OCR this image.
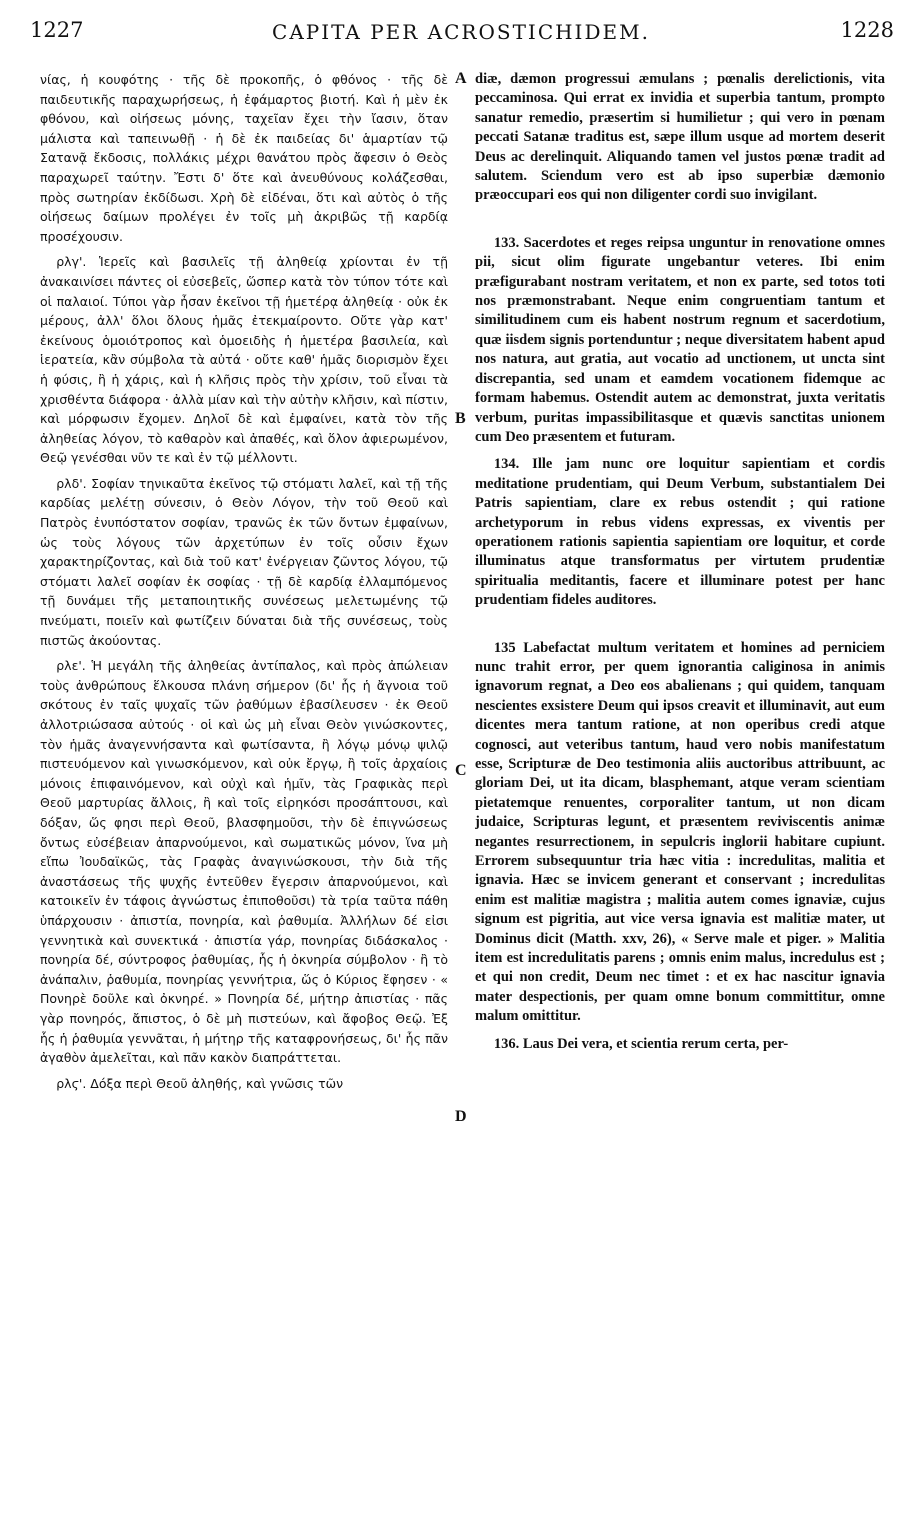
1227	CAPITA PER ACROSTICHIDEM.	1228

νίας, ἡ κουφότης · τῆς δὲ προκοπῆς, ὁ φθόνος · τῆς δὲ παιδευτικῆς παραχωρήσεως, ἡ ἐφάμαρτος βιοτή. Καὶ ἡ μὲν ἐκ φθόνου, καὶ οἰήσεως μόνης, ταχεῖαν ἔχει τὴν ἴασιν, ὅταν μάλιστα καὶ ταπεινωθῇ · ἡ δὲ ἐκ παιδείας δι' ἁμαρτίαν τῷ Σατανᾷ ἔκδοσις, πολλάκις μέχρι θανάτου πρὸς ἄφεσιν ὁ Θεὸς παραχωρεῖ ταύτην. Ἔστι δ' ὅτε καὶ ἀνευθύνους κολάζεσθαι, πρὸς σωτηρίαν ἐκδίδωσι. Χρὴ δὲ εἰδέναι, ὅτι καὶ αὐτὸς ὁ τῆς οἰήσεως δαίμων προλέγει ἐν τοῖς μὴ ἀκριβῶς τῇ καρδίᾳ προσέχουσιν.

ρλγ'. Ἱερεῖς καὶ βασιλεῖς τῇ ἀληθείᾳ χρίονται ἐν τῇ ἀνακαινίσει πάντες οἱ εὐσεβεῖς, ὥσπερ κατὰ τὸν τύπον τότε καὶ οἱ παλαιοί. Τύποι γὰρ ἦσαν ἐκεῖνοι τῇ ἡμετέρᾳ ἀληθείᾳ · οὐκ ἐκ μέρους, ἀλλ' ὅλοι ὅλους ἡμᾶς ἐτεκμαίροντο. Οὔτε γὰρ κατ' ἐκείνους ὁμοιότροπος καὶ ὁμοειδὴς ἡ ἡμετέρα βασιλεία, καὶ ἱερατεία, κἂν σύμβολα τὰ αὐτά · οὔτε καθ' ἡμᾶς διορισμὸν ἔχει ἡ φύσις, ἢ ἡ χάρις, καὶ ἡ κλῆσις πρὸς τὴν χρίσιν, τοῦ εἶναι τὰ χρισθέντα διάφορα · ἀλλὰ μίαν καὶ τὴν αὐτὴν κλῆσιν, καὶ πίστιν, καὶ μόρφωσιν ἔχομεν. Δηλοῖ δὲ καὶ ἐμφαίνει, κατὰ τὸν τῆς ἀληθείας λόγον, τὸ καθαρὸν καὶ ἀπαθές, καὶ ὅλον ἀφιερωμένον, Θεῷ γενέσθαι νῦν τε καὶ ἐν τῷ μέλλοντι.

ρλδ'. Σοφίαν τηνικαῦτα ἐκεῖνος τῷ στόματι λαλεῖ, καὶ τῇ τῆς καρδίας μελέτῃ σύνεσιν, ὁ Θεὸν Λόγον, τὴν τοῦ Θεοῦ καὶ Πατρὸς ἐνυπόστατον σοφίαν, τρανῶς ἐκ τῶν ὄντων ἐμφαίνων, ὡς τοὺς λόγους τῶν ἀρχετύπων ἐν τοῖς οὖσιν ἔχων χαρακτηρίζοντας, καὶ διὰ τοῦ κατ' ἐνέργειαν ζῶντος λόγου, τῷ στόματι λαλεῖ σοφίαν ἐκ σοφίας · τῇ δὲ καρδίᾳ ἐλλαμπόμενος τῇ δυνάμει τῆς μεταποιητικῆς συνέσεως μελετωμένης τῷ πνεύματι, ποιεῖν καὶ φωτίζειν δύναται διὰ τῆς συνέσεως, τοὺς πιστῶς ἀκούοντας.

ρλε'. Ἡ μεγάλη τῆς ἀληθείας ἀντίπαλος, καὶ πρὸς ἀπώλειαν τοὺς ἀνθρώπους ἕλκουσα πλάνη σήμερον (δι' ἧς ἡ ἄγνοια τοῦ σκότους ἐν ταῖς ψυχαῖς τῶν ῥαθύμων ἐβασίλευσεν · ἐκ Θεοῦ ἀλλοτριώσασα αὐτούς · οἱ καὶ ὡς μὴ εἶναι Θεὸν γινώσκοντες, τὸν ἡμᾶς ἀναγεννήσαντα καὶ φωτίσαντα, ἢ λόγῳ μόνῳ ψιλῷ πιστευόμενον καὶ γινωσκόμενον, καὶ οὐκ ἔργῳ, ἢ τοῖς ἀρχαίοις μόνοις ἐπιφαινόμενον, καὶ οὐχὶ καὶ ἡμῖν, τὰς Γραφικὰς περὶ Θεοῦ μαρτυρίας ἄλλοις, ἢ καὶ τοῖς εἰρηκόσι προσάπτουσι, καὶ δόξαν, ὥς φησι περὶ Θεοῦ, βλασφημοῦσι, τὴν δὲ ἐπιγνώσεως ὄντως εὐσέβειαν ἀπαρνούμενοι, καὶ σωματικῶς μόνον, ἵνα μὴ εἴπω Ἰουδαϊκῶς, τὰς Γραφὰς ἀναγινώσκουσι, τὴν διὰ τῆς ἀναστάσεως τῆς ψυχῆς ἐντεῦθεν ἔγερσιν ἀπαρνούμενοι, καὶ κατοικεῖν ἐν τάφοις ἀγνώστως ἐπιποθοῦσι) τὰ τρία ταῦτα πάθη ὑπάρχουσιν · ἀπιστία, πονηρία, καὶ ῥαθυμία. Ἀλλήλων δέ εἰσι γεννητικὰ καὶ συνεκτικά · ἀπιστία γάρ, πονηρίας διδάσκαλος · πονηρία δέ, σύντροφος ῥαθυμίας, ἧς ἡ ὀκνηρία σύμβολον · ἢ τὸ ἀνάπαλιν, ῥαθυμία, πονηρίας γεννήτρια, ὥς ὁ Κύριος ἔφησεν · « Πονηρὲ δοῦλε καὶ ὀκνηρέ. » Πονηρία δέ, μήτηρ ἀπιστίας · πᾶς γὰρ πονηρός, ἄπιστος, ὁ δὲ μὴ πιστεύων, καὶ ἄφοβος Θεῷ. Ἐξ ἧς ἡ ῥαθυμία γεννᾶται, ἡ μήτηρ τῆς καταφρονήσεως, δι' ἧς πᾶν ἀγαθὸν ἀμελεῖται, καὶ πᾶν κακὸν διαπράττεται.

ρλϛ'. Δόξα περὶ Θεοῦ ἀληθής, καὶ γνῶσις τῶν

A
B
C
D

diæ, dæmon progressui æmulans ; pœnalis derelictionis, vita peccaminosa. Qui errat ex invidia et superbia tantum, prompto sanatur remedio, præsertim si humilietur ; qui vero in pœnam peccati Satanæ traditus est, sæpe illum usque ad mortem deserit Deus ac derelinquit. Aliquando tamen vel justos pœnæ tradit ad salutem. Sciendum vero est ab ipso superbiæ dæmonio præoccupari eos qui non diligenter cordi suo invigilant.

133. Sacerdotes et reges reipsa unguntur in renovatione omnes pii, sicut olim figurate ungebantur veteres. Ibi enim præfigurabant nostram veritatem, et non ex parte, sed totos toti nos præmonstrabant. Neque enim congruentiam tantum et similitudinem cum eis habent nostrum regnum et sacerdotium, quæ iisdem signis portenduntur ; neque diversitatem habent apud nos natura, aut gratia, aut vocatio ad unctionem, ut uncta sint discrepantia, sed unam et eamdem vocationem fidemque ac formam habemus. Ostendit autem ac demonstrat, juxta veritatis verbum, puritas impassibilitasque et quævis sanctitas unionem cum Deo præsentem et futuram.

134. Ille jam nunc ore loquitur sapientiam et cordis meditatione prudentiam, qui Deum Verbum, substantialem Dei Patris sapientiam, clare ex rebus ostendit ; qui ratione archetyporum in rebus videns expressas, ex viventis per operationem rationis sapientia sapientiam ore loquitur, et corde illuminatus atque transformatus per virtutem prudentiæ spiritualia meditantis, facere et illuminare potest per hanc prudentiam fideles auditores.

135 Labefactat multum veritatem et homines ad perniciem nunc trahit error, per quem ignorantia caliginosa in animis ignavorum regnat, a Deo eos abalienans ; qui quidem, tanquam nescientes exsistere Deum qui ipsos creavit et illuminavit, aut eum dicentes mera tantum ratione, at non operibus credi atque cognosci, aut veteribus tantum, haud vero nobis manifestatum esse, Scripturæ de Deo testimonia aliis auctoribus attribuunt, ac gloriam Dei, ut ita dicam, blasphemant, atque veram scientiam pietatemque renuentes, corporaliter tantum, ut non dicam judaice, Scripturas legunt, et præsentem reviviscentis animæ negantes resurrectionem, in sepulcris inglorii habitare cupiunt. Errorem subsequuntur tria hæc vitia : incredulitas, malitia et ignavia. Hæc se invicem generant et conservant ; incredulitas enim est malitiæ magistra ; malitia autem comes ignaviæ, cujus signum est pigritia, aut vice versa ignavia est malitiæ mater, ut Dominus dicit (Matth. xxv, 26), « Serve male et piger. » Malitia item est incredulitatis parens ; omnis enim malus, incredulus est ; et qui non credit, Deum nec timet : et ex hac nascitur ignavia mater despectionis, per quam omne bonum committitur, omne malum omittitur.

136. Laus Dei vera, et scientia rerum certa, per-
